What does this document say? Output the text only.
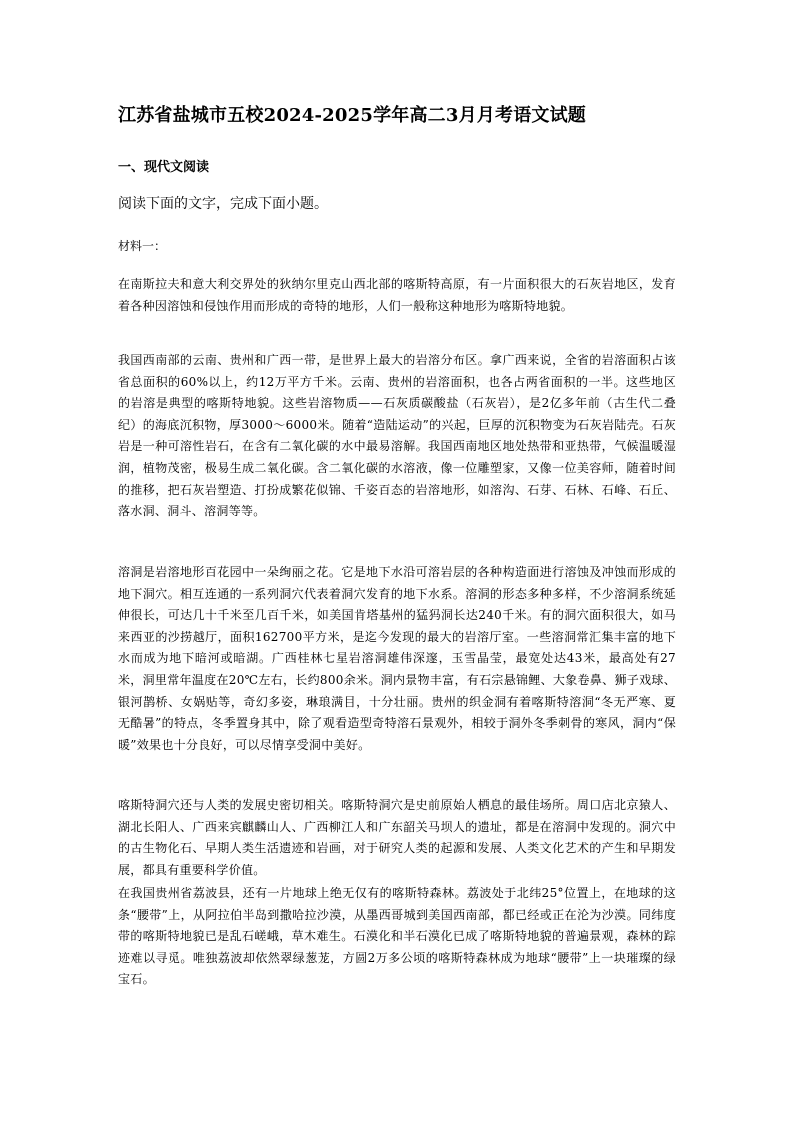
江苏省盐城市五校2024-2025学年高二3月月考语文试题
一、现代文阅读
阅读下面的文字，完成下面小题。
材料一：

在南斯拉夫和意大利交界处的狄纳尔里克山西北部的喀斯特高原，有一片面积很大的石灰岩地区，发育着各种因溶蚀和侵蚀作用而形成的奇特的地形，人们一般称这种地形为喀斯特地貌。

我国西南部的云南、贵州和广西一带，是世界上最大的岩溶分布区。拿广西来说，全省的岩溶面积占该省总面积的60%以上，约12万平方千米。云南、贵州的岩溶面积，也各占两省面积的一半。这些地区的岩溶是典型的喀斯特地貌。这些岩溶物质——石灰质碳酸盐（石灰岩），是2亿多年前（古生代二叠纪）的海底沉积物，厚3000～6000米。随着“造陆运动”的兴起，巨厚的沉积物变为石灰岩陆壳。石灰岩是一种可溶性岩石，在含有二氧化碳的水中最易溶解。我国西南地区地处热带和亚热带，气候温暖湿润，植物茂密，极易生成二氧化碳。含二氧化碳的水溶液，像一位雕塑家，又像一位美容师，随着时间的推移，把石灰岩塑造、打扮成繁花似锦、千姿百态的岩溶地形，如溶沟、石芽、石林、石峰、石丘、落水洞、洞斗、溶洞等等。

溶洞是岩溶地形百花园中一朵绚丽之花。它是地下水沿可溶岩层的各种构造面进行溶蚀及冲蚀而形成的地下洞穴。相互连通的一系列洞穴代表着洞穴发育的地下水系。溶洞的形态多种多样，不少溶洞系统延伸很长，可达几十千米至几百千米，如美国肯塔基州的猛犸洞长达240千米。有的洞穴面积很大，如马来西亚的沙捞越厅，面积162700平方米，是迄今发现的最大的岩溶厅室。一些溶洞常汇集丰富的地下水而成为地下暗河或暗湖。广西桂林七星岩溶洞雄伟深邃，玉雪晶莹，最宽处达43米，最高处有27米，洞里常年温度在20℃左右，长约800余米。洞内景物丰富，有石宗悬锦鲤、大象卷鼻、狮子戏球、银河鹊桥、女娲贴等，奇幻多姿，琳琅满目，十分壮丽。贵州的织金洞有着喀斯特溶洞“冬无严寒、夏无酷暑”的特点，冬季置身其中，除了观看造型奇特溶石景观外，相较于洞外冬季刺骨的寒风，洞内“保暖”效果也十分良好，可以尽情享受洞中美好。

喀斯特洞穴还与人类的发展史密切相关。喀斯特洞穴是史前原始人栖息的最佳场所。周口店北京猿人、湖北长阳人、广西来宾麒麟山人、广西柳江人和广东韶关马坝人的遗址，都是在溶洞中发现的。洞穴中的古生物化石、早期人类生活遗迹和岩画，对于研究人类的起源和发展、人类文化艺术的产生和早期发展，都具有重要科学价值。

在我国贵州省荔波县，还有一片地球上绝无仅有的喀斯特森林。荔波处于北纬25°位置上，在地球的这条“腰带”上，从阿拉伯半岛到撒哈拉沙漠，从墨西哥城到美国西南部，都已经或正在沦为沙漠。同纬度带的喀斯特地貌已是乱石嵯峨，草木难生。石漠化和半石漠化已成了喀斯特地貌的普遍景观，森林的踪迹难以寻觅。唯独荔波却依然翠绿葱茏，方圆2万多公顷的喀斯特森林成为地球“腰带”上一块璀璨的绿宝石。
